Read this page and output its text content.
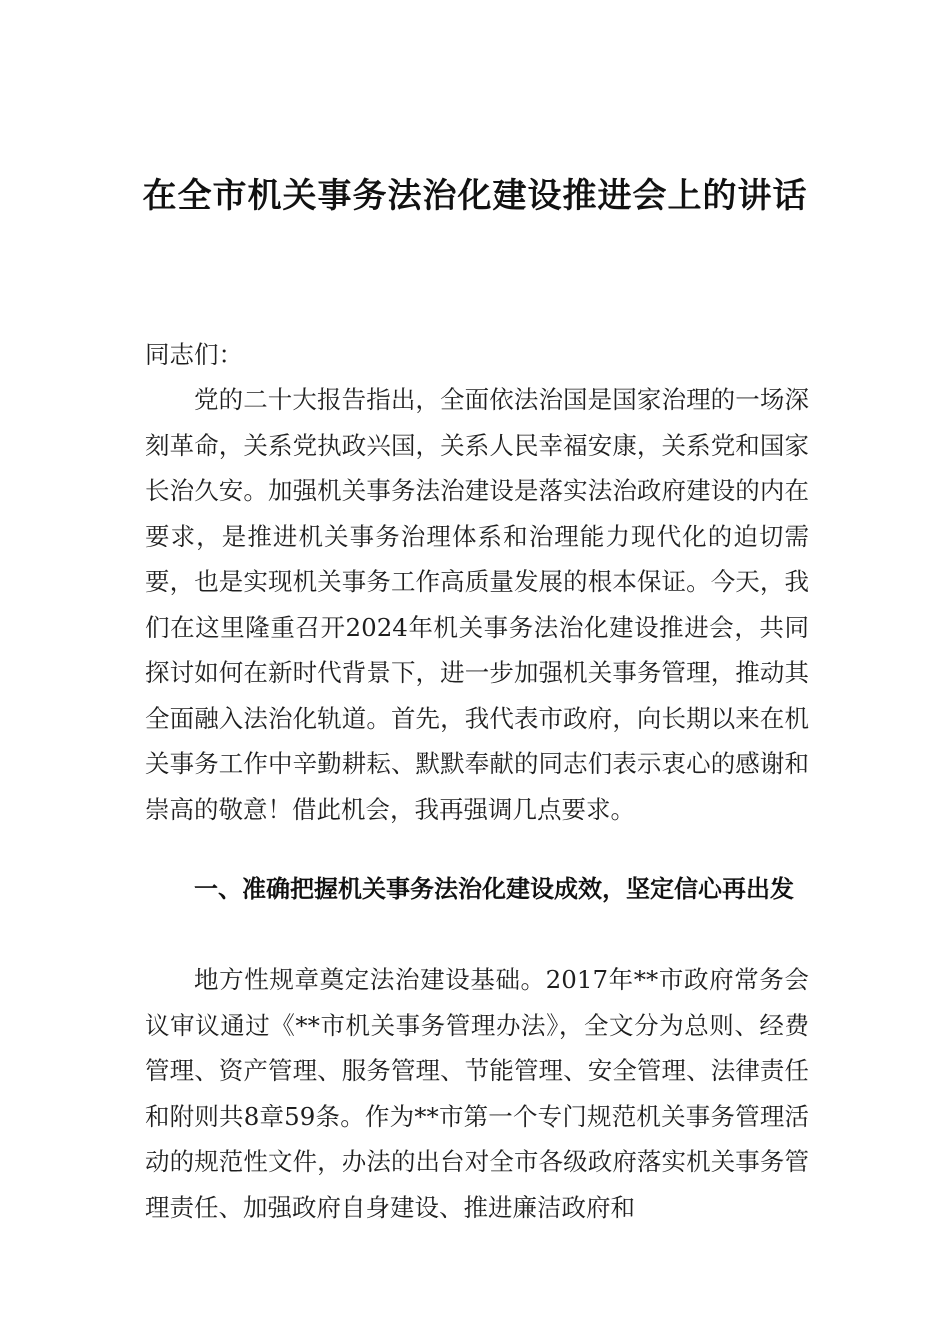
在全市机关事务法治化建设推进会上的讲话

同志们：

党的二十大报告指出，全面依法治国是国家治理的一场深刻革命，关系党执政兴国，关系人民幸福安康，关系党和国家长治久安。加强机关事务法治建设是落实法治政府建设的内在要求，是推进机关事务治理体系和治理能力现代化的迫切需要，也是实现机关事务工作高质量发展的根本保证。今天，我们在这里隆重召开2024年机关事务法治化建设推进会，共同探讨如何在新时代背景下，进一步加强机关事务管理，推动其全面融入法治化轨道。首先，我代表市政府，向长期以来在机关事务工作中辛勤耕耘、默默奉献的同志们表示衷心的感谢和崇高的敬意！借此机会，我再强调几点要求。

一、准确把握机关事务法治化建设成效，坚定信心再出发

地方性规章奠定法治建设基础。2017年**市政府常务会议审议通过《**市机关事务管理办法》，全文分为总则、经费管理、资产管理、服务管理、节能管理、安全管理、法律责任和附则共8章59条。作为**市第一个专门规范机关事务管理活动的规范性文件，办法的出台对全市各级政府落实机关事务管理责任、加强政府自身建设、推进廉洁政府和
